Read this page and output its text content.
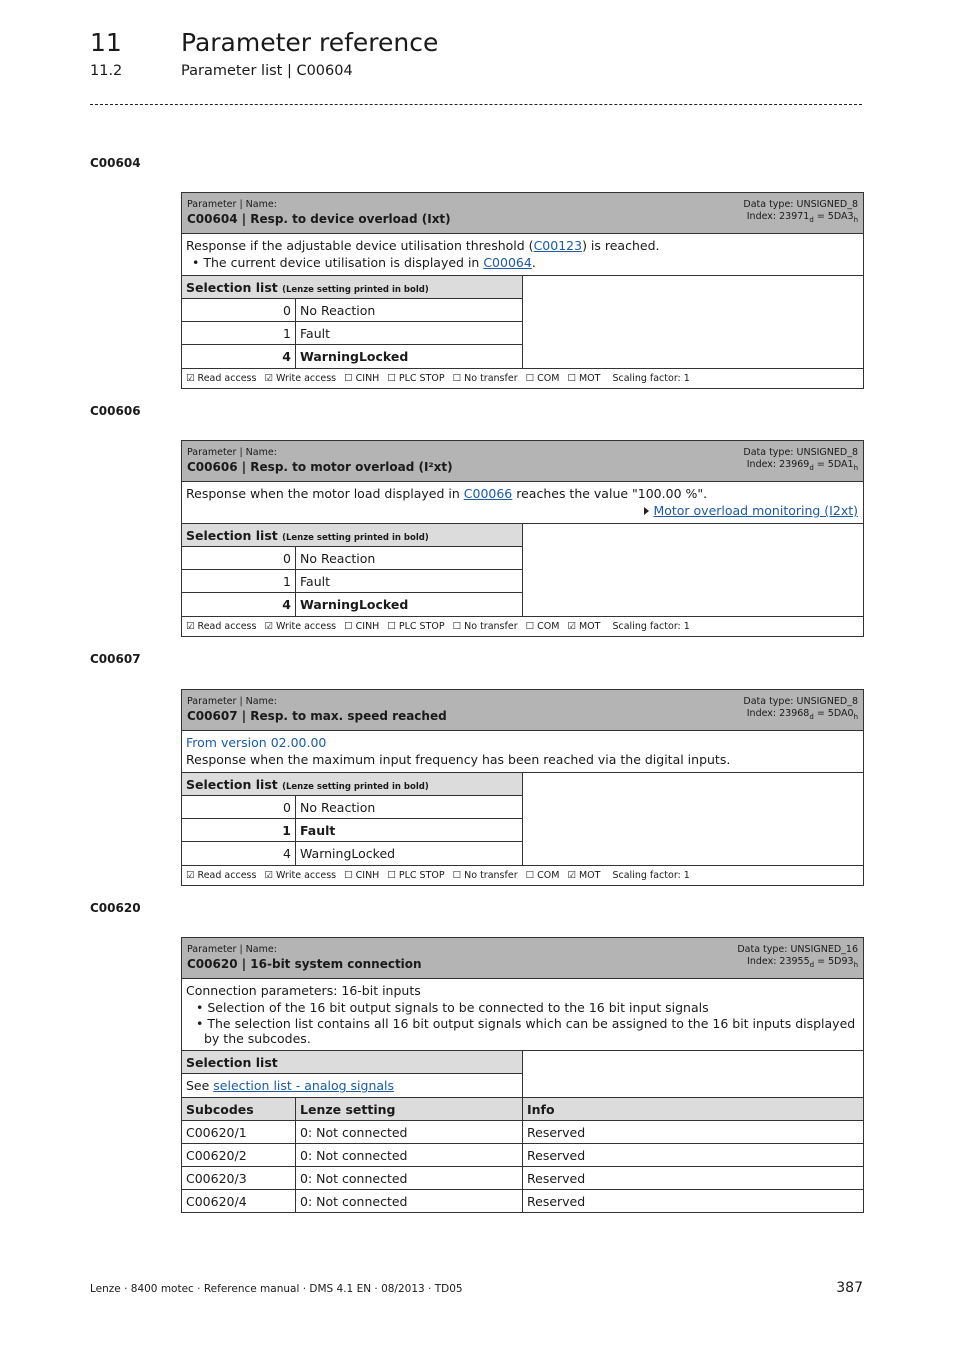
11 Parameter reference
11.2	Parameter list | C00604
C00604
Parameter | Name:
C00604 | Resp. to device overload (Ixt)
Data type: UNSIGNED_8
Index: $23971_d = 5DA3_h$
Response if the adjustable device utilisation threshold (C00123) is reached.
• The current device utilisation is displayed in C00064.
Selection list (Lenze setting printed in bold)
0 No Reaction
1 Fault
4 WarningLocked
☑ Read access ☑ Write access ☐ CINH ☐ PLC STOP ☐ No transfer ☐ COM ☐ MOT Scaling factor: 1
C00606
Parameter | Name:
C00606 | Resp. to motor overload (I²xt)
Data type: UNSIGNED_8
Index: $23969_d = 5DA1_h$
Response when the motor load displayed in C00066 reaches the value "100.00 %".
Motor overload monitoring (I2xt)
Selection list (Lenze setting printed in bold)
0 No Reaction
1 Fault
4 WarningLocked
☑ Read access ☑ Write access ☐ CINH ☐ PLC STOP ☐ No transfer ☐ COM ☑ MOT Scaling factor: 1
C00607
Parameter | Name:
C00607 | Resp. to max. speed reached
Data type: UNSIGNED_8
Index: $23968_d = 5DA0_h$
From version 02.00.00
Response when the maximum input frequency has been reached via the digital inputs.
Selection list (Lenze setting printed in bold)
0 No Reaction
1 Fault
4 WarningLocked
☑ Read access ☑ Write access ☐ CINH ☐ PLC STOP ☐ No transfer ☐ COM ☑ MOT Scaling factor: 1
C00620
Parameter | Name:
C00620 | 16-bit system connection
Data type: UNSIGNED_16
Index: $23955_d = 5D93_h$
Connection parameters: 16-bit inputs
• Selection of the 16 bit output signals to be connected to the 16 bit input signals
• The selection list contains all 16 bit output signals which can be assigned to the 16 bit inputs displayed by the subcodes.
Selection list
See selection list - analog signals
Subcodes	Lenze setting	Info
C00620/1	0: Not connected	Reserved
C00620/2	0: Not connected	Reserved
C00620/3	0: Not connected	Reserved
C00620/4	0: Not connected	Reserved
Lenze · 8400 motec · Reference manual · DMS 4.1 EN · 08/2013 · TD05	387
